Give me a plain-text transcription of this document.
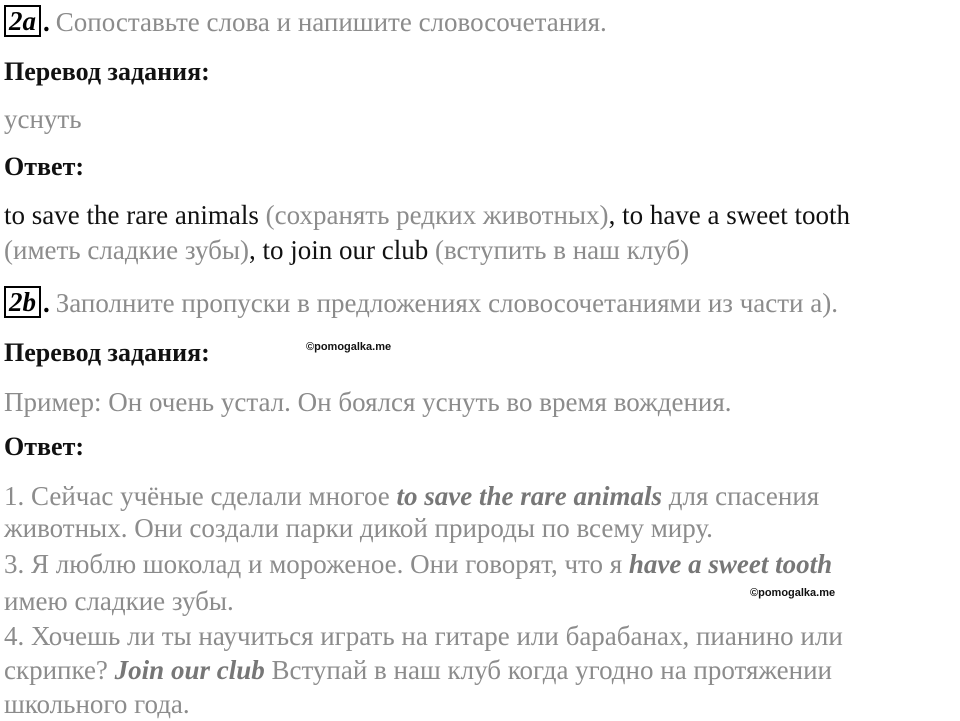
2a . Сопоставьте слова и напишите словосочетания.
Перевод задания:
уснуть
Ответ:
to save the rare animals (сохранять редких животных), to have a sweet tooth
(иметь сладкие зубы), to join our club (вступить в наш клуб)
2b . Заполните пропуски в предложениях словосочетаниями из части a).
Перевод задания:	©pomogalka.me
Пример: Он очень устал. Он боялся уснуть во время вождения.
Ответ:
1. Сейчас учёные сделали многое to save the rare animals для спасения
животных. Они создали парки дикой природы по всему миру.
3. Я люблю шоколад и мороженое. Они говорят, что я have a sweet tooth
имею сладкие зубы.	©pomogalka.me
4. Хочешь ли ты научиться играть на гитаре или барабанах, пианино или
скрипке? Join our club Вступай в наш клуб когда угодно на протяжении
школьного года.
